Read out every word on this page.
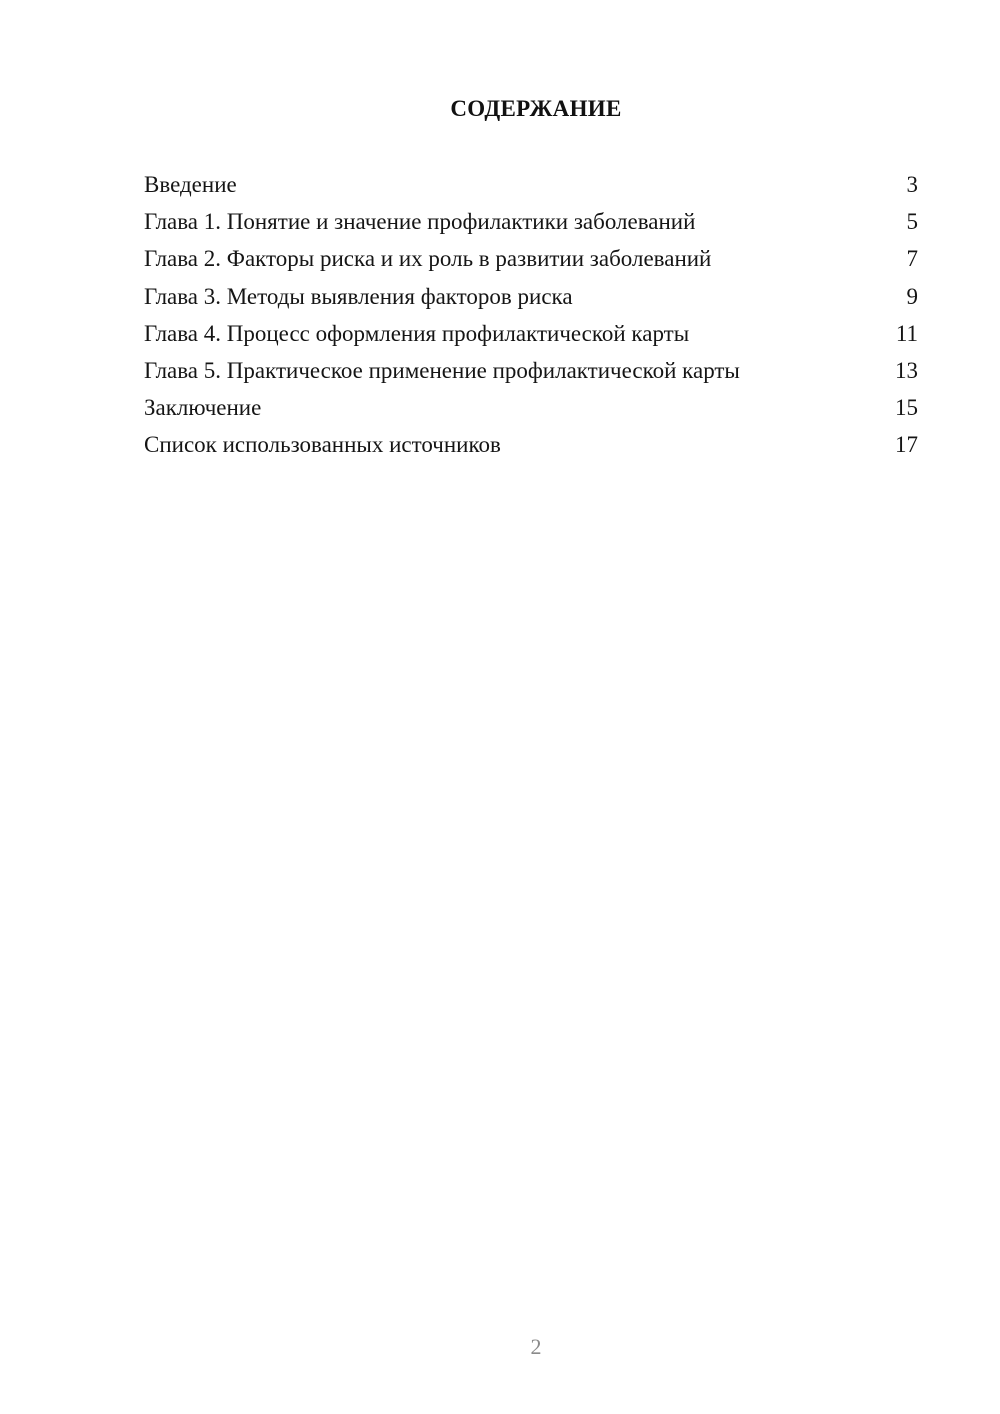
СОДЕРЖАНИЕ
Введение	3
Глава 1. Понятие и значение профилактики заболеваний	5
Глава 2. Факторы риска и их роль в развитии заболеваний	7
Глава 3. Методы выявления факторов риска	9
Глава 4. Процесс оформления профилактической карты	11
Глава 5. Практическое применение профилактической карты	13
Заключение	15
Список использованных источников	17
2
